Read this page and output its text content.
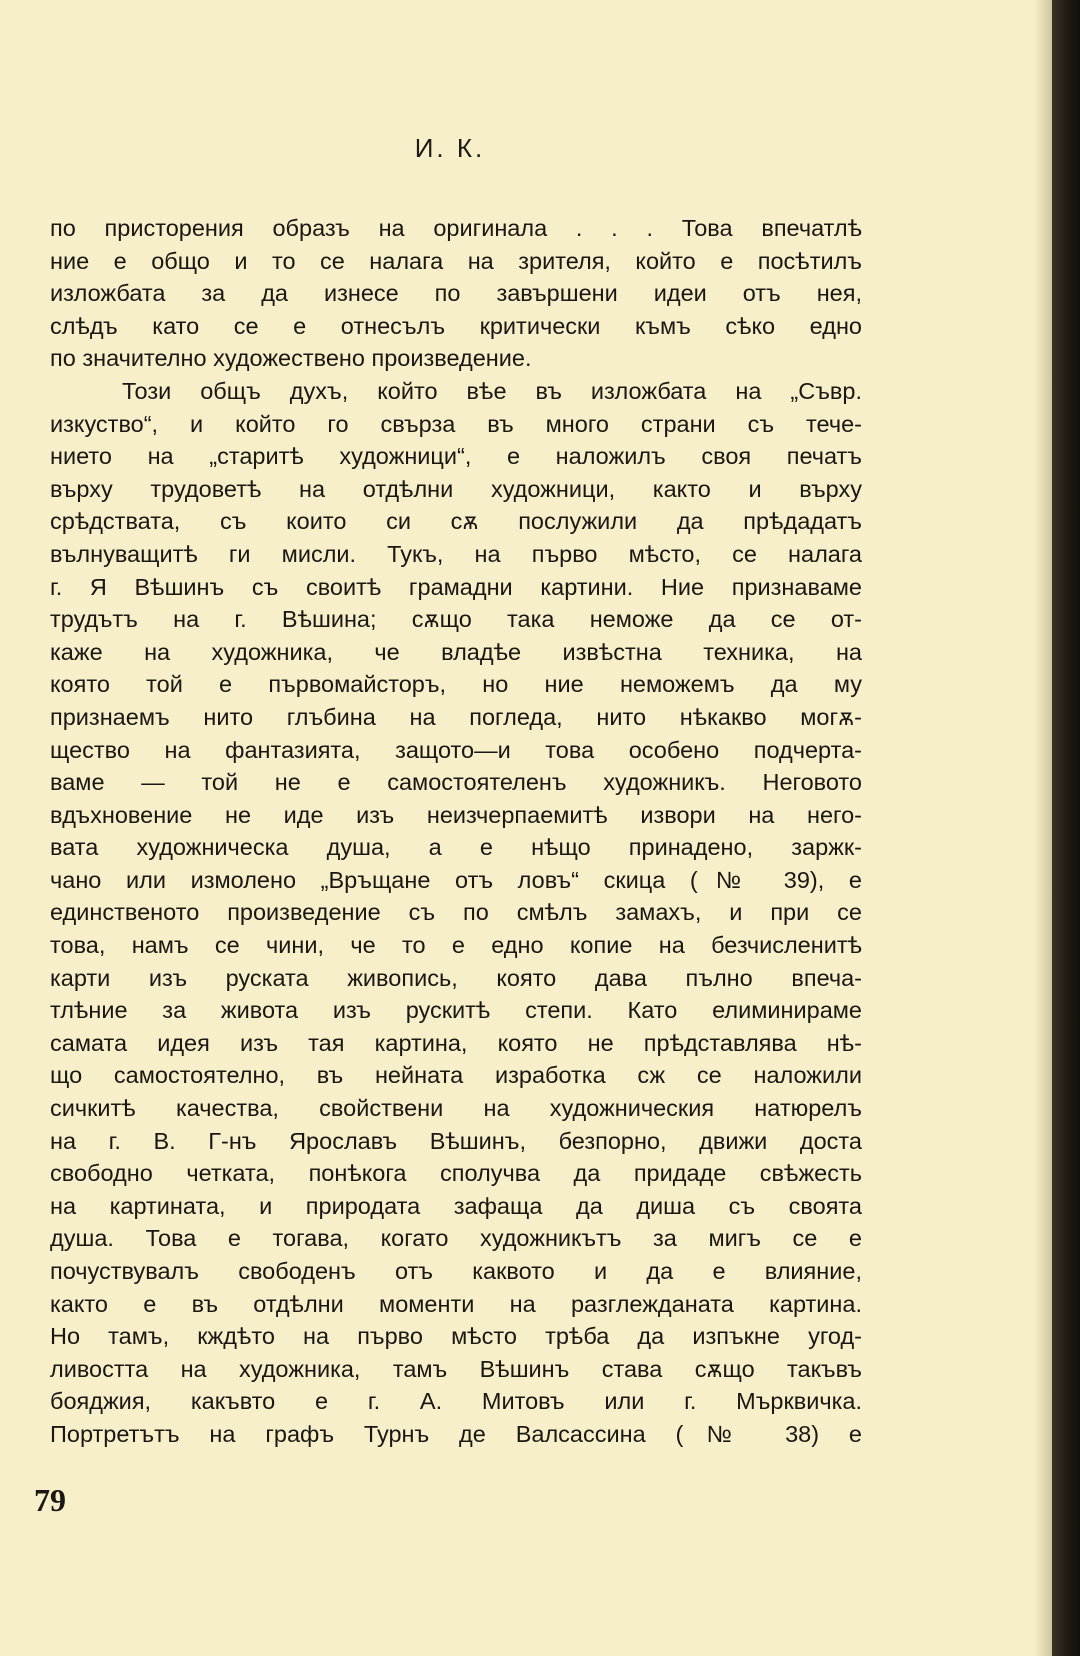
И. К.
по присторения образъ на оригинала . . . Това впечатлѣ
ние е общо и то се налага на зрителя, който е посѣтилъ
изложбата за да изнесе по завършени идеи отъ нея,
слѣдъ като се е отнесълъ критически къмъ сѣко едно
по значително художествено произведение.
Този общъ духъ, който вѣе въ изложбата на „Съвр.
изкуство“, и който го свърза въ много страни съ тече-
нието на „старитѣ художници“, е наложилъ своя печатъ
върху трудоветѣ на отдѣлни художници, както и върху
срѣдствата, съ които си сѫ послужили да прѣдадатъ
вълнуващитѣ ги мисли. Тукъ, на първо мѣсто, се налага
г. Я Вѣшинъ съ своитѣ грамадни картини. Ние признаваме
трудътъ на г. Вѣшина; сѫщо така неможе да се от-
каже на художника, че владѣе извѣстна техника, на
която той е първомайсторъ, но ние неможемъ да му
признаемъ нито глъбина на погледа, нито нѣкакво могѫ-
щество на фантазията, защото—и това особено подчерта-
ваме — той не е самостоятеленъ художникъ. Неговото
вдъхновение не иде изъ неизчерпаемитѣ извори на него-
вата художническа душа, а е нѣщо принадено, заржк-
чано или измолено „Връщане отъ ловъ“ скица (№ 39), е
единственото произведение съ по смѣлъ замахъ, и при се
това, намъ се чини, че то е едно копие на безчисленитѣ
карти изъ руската живопись, която дава пълно впеча-
тлѣние за живота изъ рускитѣ степи. Като елиминираме
самата идея изъ тая картина, която не прѣдставлява нѣ-
що самостоятелно, въ нейната изработка сж се наложили
сичкитѣ качества, свойствени на художническия натюрелъ
на г. В. Г-нъ Ярославъ Вѣшинъ, безпорно, движи доста
свободно четката, понѣкога сполучва да придаде свѣжесть
на картината, и природата зафаща да диша съ своята
душа. Това е тогава, когато художникътъ за мигъ се е
почуствувалъ свободенъ отъ каквото и да е влияние,
както е въ отдѣлни моменти на разглежданата картина.
Но тамъ, кждѣто на първо мѣсто трѣба да изпъкне угод-
ливостта на художника, тамъ Вѣшинъ става сѫщо такъвъ
бояджия, какъвто е г. А. Митовъ или г. Мърквичка.
Портретътъ на графъ Турнъ де Валсассина (№ 38) е
79
